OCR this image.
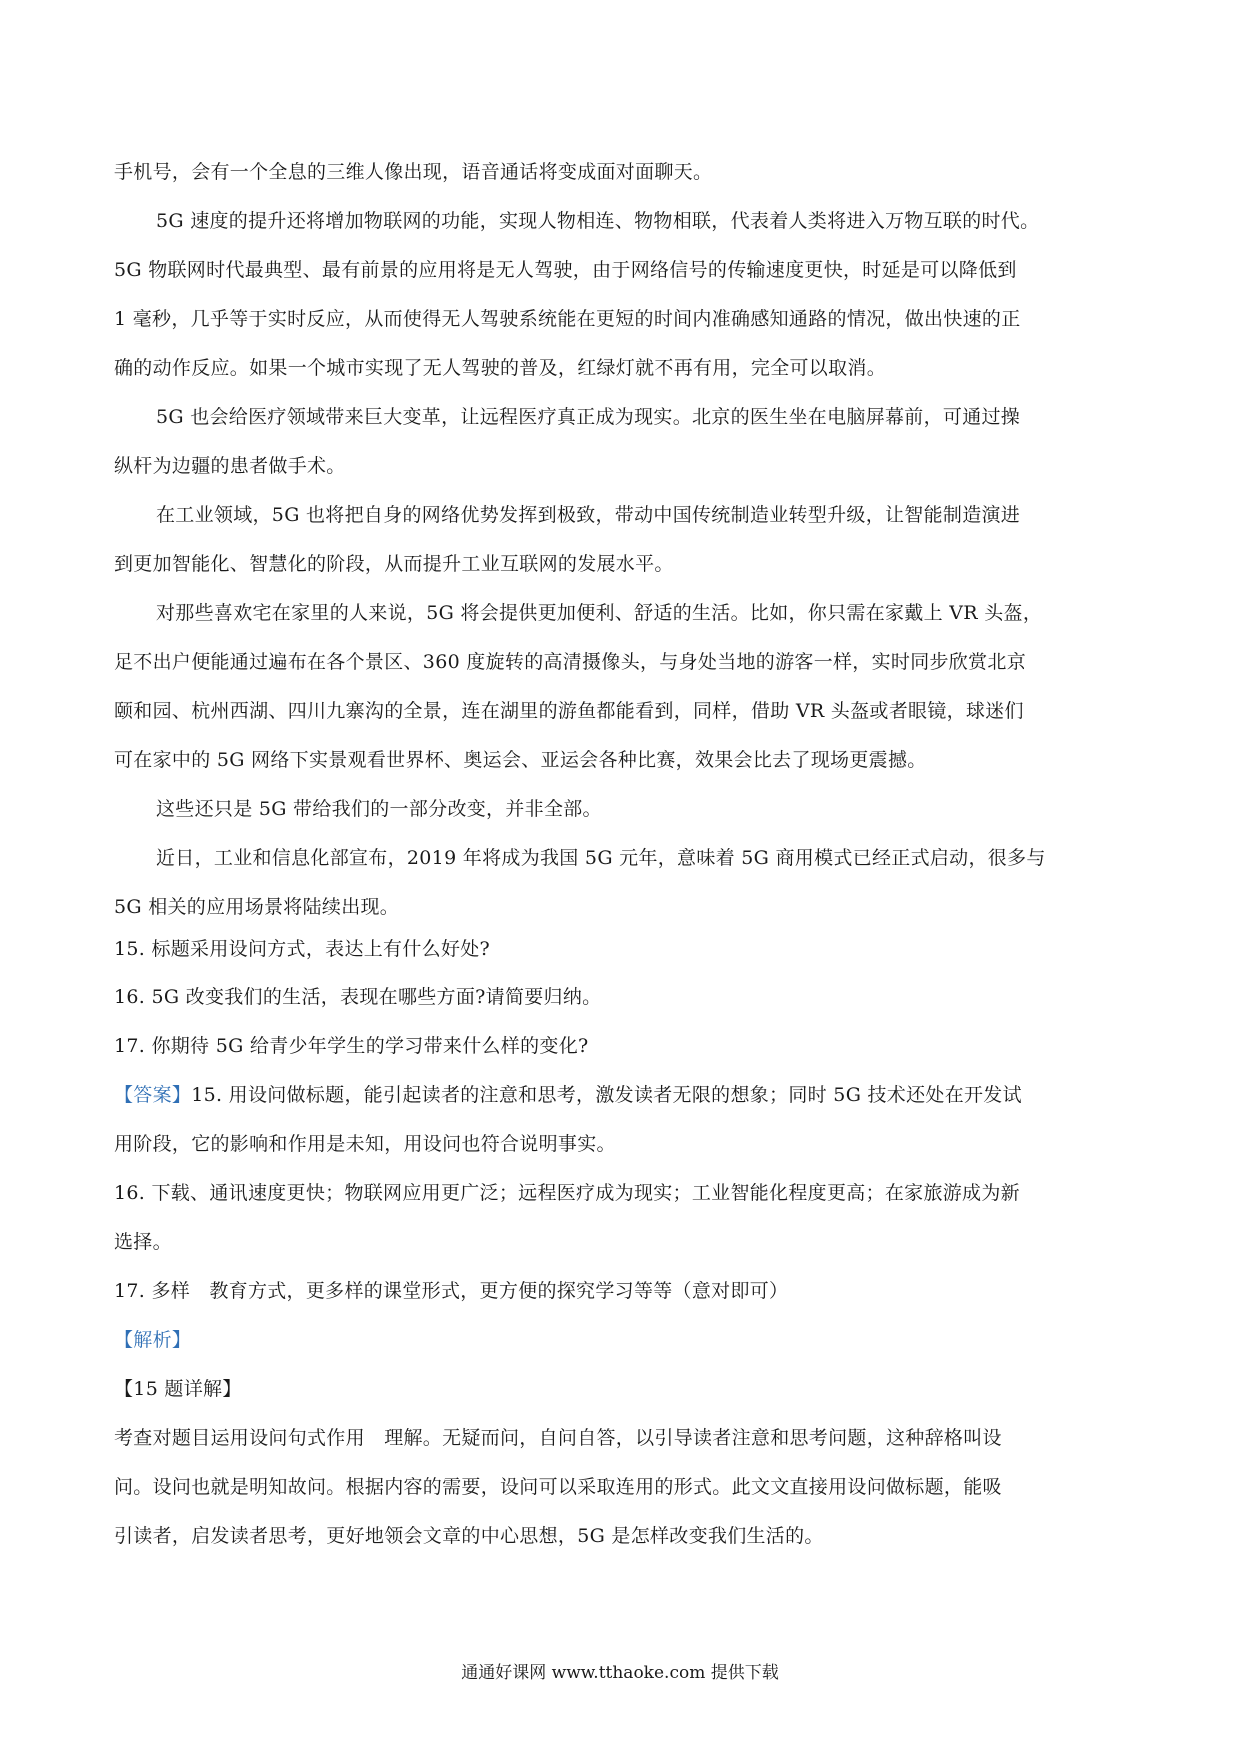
手机号，会有一个全息的三维人像出现，语音通话将变成面对面聊天。
5G 速度的提升还将增加物联网的功能，实现人物相连、物物相联，代表着人类将进入万物互联的时代。
5G 物联网时代最典型、最有前景的应用将是无人驾驶，由于网络信号的传输速度更快，时延是可以降低到
1 毫秒，几乎等于实时反应，从而使得无人驾驶系统能在更短的时间内准确感知通路的情况，做出快速的正
确的动作反应。如果一个城市实现了无人驾驶的普及，红绿灯就不再有用，完全可以取消。
5G 也会给医疗领域带来巨大变革，让远程医疗真正成为现实。北京的医生坐在电脑屏幕前，可通过操
纵杆为边疆的患者做手术。
在工业领域，5G 也将把自身的网络优势发挥到极致，带动中国传统制造业转型升级，让智能制造演进
到更加智能化、智慧化的阶段，从而提升工业互联网的发展水平。
对那些喜欢宅在家里的人来说，5G 将会提供更加便利、舒适的生活。比如，你只需在家戴上 VR 头盔，
足不出户便能通过遍布在各个景区、360 度旋转的高清摄像头，与身处当地的游客一样，实时同步欣赏北京
颐和园、杭州西湖、四川九寨沟的全景，连在湖里的游鱼都能看到，同样，借助 VR 头盔或者眼镜，球迷们
可在家中的 5G 网络下实景观看世界杯、奥运会、亚运会各种比赛，效果会比去了现场更震撼。
这些还只是 5G 带给我们的一部分改变，并非全部。
近日，工业和信息化部宣布，2019 年将成为我国 5G 元年，意味着 5G 商用模式已经正式启动，很多与
5G 相关的应用场景将陆续出现。
15. 标题采用设问方式，表达上有什么好处?
16. 5G 改变我们的生活，表现在哪些方面?请简要归纳。
17. 你期待 5G 给青少年学生的学习带来什么样的变化?
【答案】15. 用设问做标题，能引起读者的注意和思考，激发读者无限的想象；同时 5G 技术还处在开发试
用阶段，它的影响和作用是未知，用设问也符合说明事实。
16. 下载、通讯速度更快；物联网应用更广泛；远程医疗成为现实；工业智能化程度更高；在家旅游成为新
选择。
17. 多样　教育方式，更多样的课堂形式，更方便的探究学习等等（意对即可）
【解析】
【15 题详解】
考查对题目运用设问句式作用　理解。无疑而问，自问自答，以引导读者注意和思考问题，这种辞格叫设
问。设问也就是明知故问。根据内容的需要，设问可以采取连用的形式。此文文直接用设问做标题，能吸
引读者，启发读者思考，更好地领会文章的中心思想，5G 是怎样改变我们生活的。
通通好课网 www.tthaoke.com 提供下载
